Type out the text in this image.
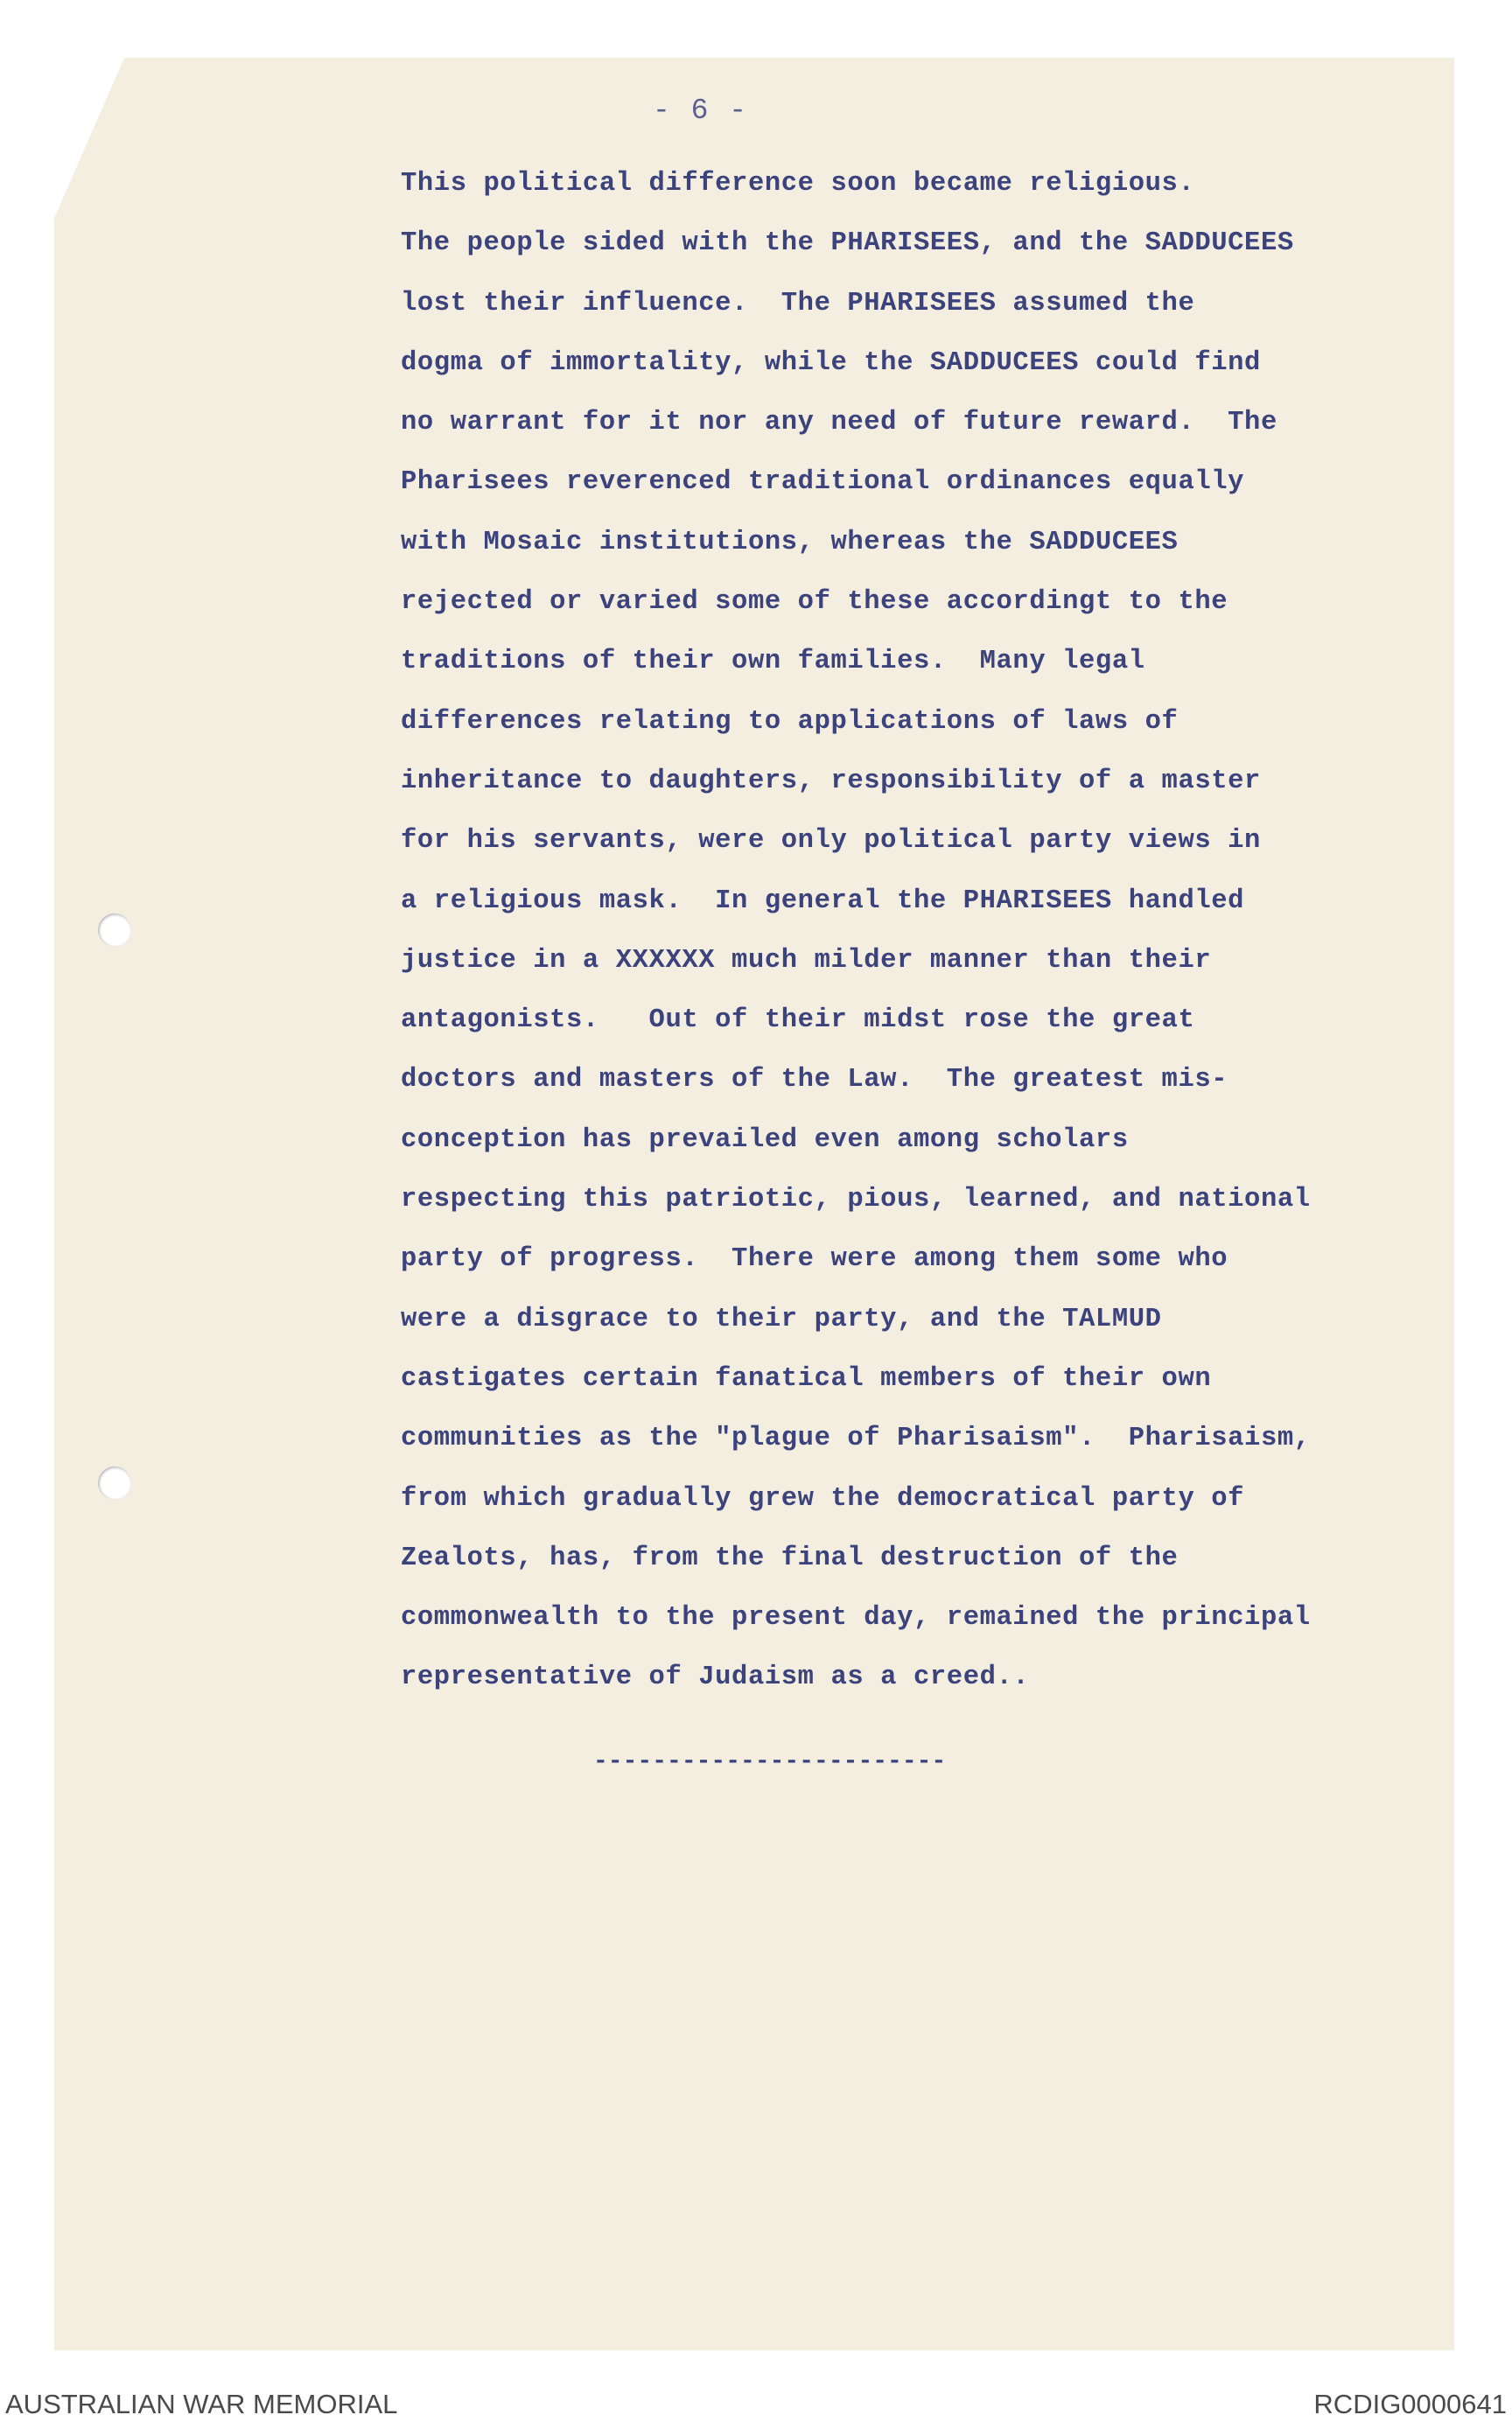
- 6 -
This political difference soon became religious.
The people sided with the PHARISEES, and the SADDUCEES
lost their influence.  The PHARISEES assumed the
dogma of immortality, while the SADDUCEES could find
no warrant for it nor any need of future reward.  The
Pharisees reverenced traditional ordinances equally
with Mosaic institutions, whereas the SADDUCEES
rejected or varied some of these accordingt to the
traditions of their own families.  Many legal
differences relating to applications of laws of
inheritance to daughters, responsibility of a master
for his servants, were only political party views in
a religious mask.  In general the PHARISEES handled
justice in a XXXXXX much milder manner than their
antagonists.   Out of their midst rose the great
doctors and masters of the Law.  The greatest mis-
conception has prevailed even among scholars
respecting this patriotic, pious, learned, and national
party of progress.  There were among them some who
were a disgrace to their party, and the TALMUD
castigates certain fanatical members of their own
communities as the "plague of Pharisaism".  Pharisaism,
from which gradually grew the democratical party of
Zealots, has, from the final destruction of the
commonwealth to the present day, remained the principal
representative of Judaism as a creed..
------------------------
AUSTRALIAN WAR MEMORIAL	RCDIG0000641
